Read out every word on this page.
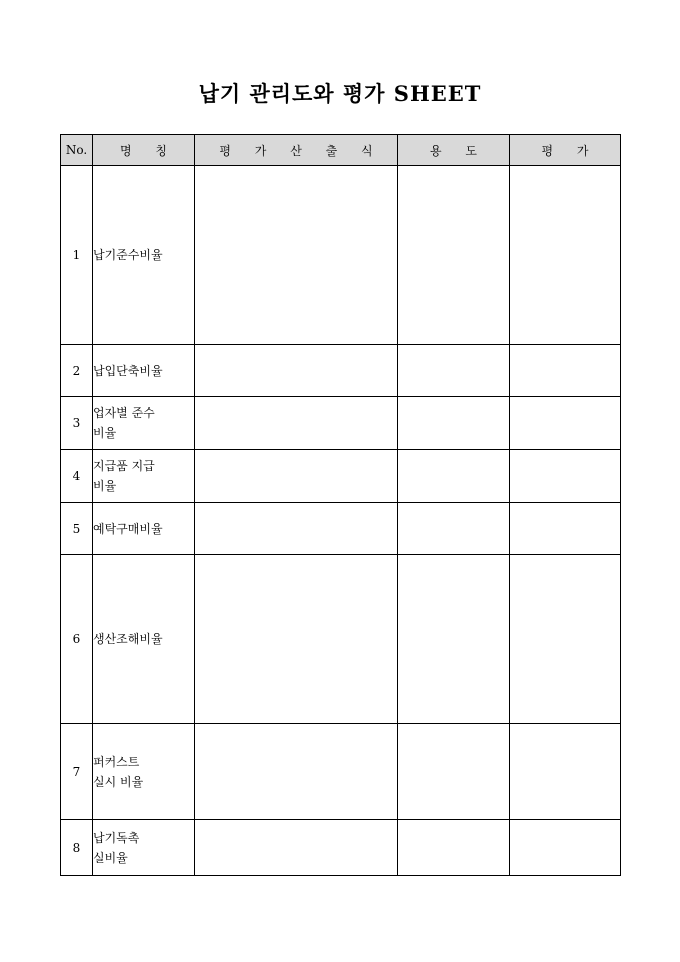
납기 관리도와 평가 SHEET
No.	명 칭	평 가 산 출 식	용 도	평 가
1	납기준수비율			
2	납입단축비율			
3	업자별 준수
비율			
4	지급품 지급
비율			
5	예탁구매비율			
6	생산조해비율			
7	퍼커스트
실시 비율			
8	납기독촉
실비율			
